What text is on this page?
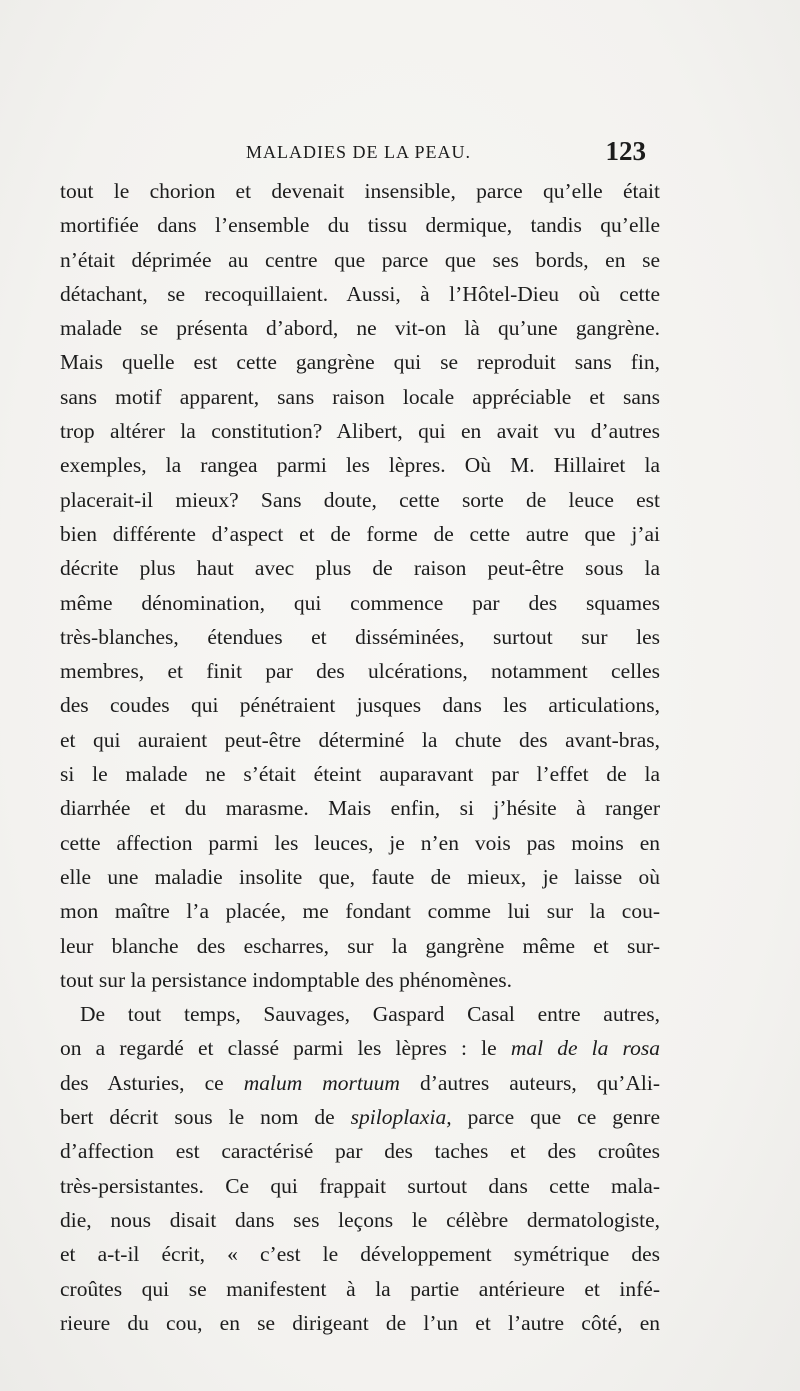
MALADIES DE LA PEAU.	123
tout le chorion et devenait insensible, parce qu’elle était
mortifiée dans l’ensemble du tissu dermique, tandis qu’elle
n’était déprimée au centre que parce que ses bords, en se
détachant, se recoquillaient. Aussi, à l’Hôtel-Dieu où cette
malade se présenta d’abord, ne vit-on là qu’une gangrène.
Mais quelle est cette gangrène qui se reproduit sans fin,
sans motif apparent, sans raison locale appréciable et sans
trop altérer la constitution? Alibert, qui en avait vu d’autres
exemples, la rangea parmi les lèpres. Où M. Hillairet la
placerait-il mieux? Sans doute, cette sorte de leuce est
bien différente d’aspect et de forme de cette autre que j’ai
décrite plus haut avec plus de raison peut-être sous la
même dénomination, qui commence par des squames
très-blanches, étendues et disséminées, surtout sur les
membres, et finit par des ulcérations, notamment celles
des coudes qui pénétraient jusques dans les articulations,
et qui auraient peut-être déterminé la chute des avant-bras,
si le malade ne s’était éteint auparavant par l’effet de la
diarrhée et du marasme. Mais enfin, si j’hésite à ranger
cette affection parmi les leuces, je n’en vois pas moins en
elle une maladie insolite que, faute de mieux, je laisse où
mon maître l’a placée, me fondant comme lui sur la cou-
leur blanche des escharres, sur la gangrène même et sur-
tout sur la persistance indomptable des phénomènes.
De tout temps, Sauvages, Gaspard Casal entre autres,
on a regardé et classé parmi les lèpres : le mal de la rosa
des Asturies, ce malum mortuum d’autres auteurs, qu’Ali-
bert décrit sous le nom de spiloplaxia, parce que ce genre
d’affection est caractérisé par des taches et des croûtes
très-persistantes. Ce qui frappait surtout dans cette mala-
die, nous disait dans ses leçons le célèbre dermatologiste,
et a-t-il écrit, « c’est le développement symétrique des
croûtes qui se manifestent à la partie antérieure et infé-
rieure du cou, en se dirigeant de l’un et l’autre côté, en
